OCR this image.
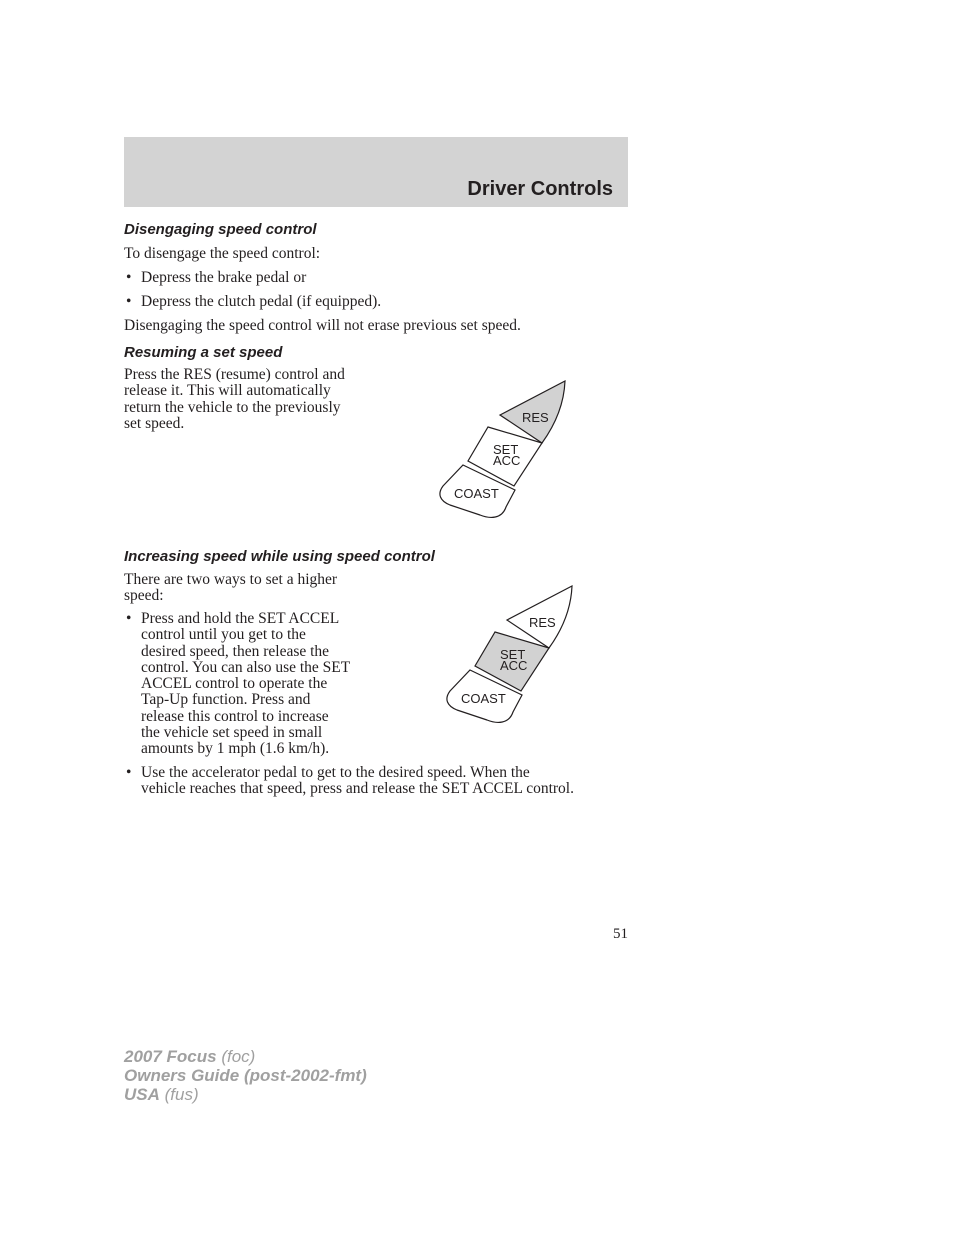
Driver Controls
Disengaging speed control

To disengage the speed control:

• Depress the brake pedal or
• Depress the clutch pedal (if equipped).

Disengaging the speed control will not erase previous set speed.

Resuming a set speed
Press the RES (resume) control and
release it. This will automatically
return the vehicle to the previously
set speed.	RES
SET
ACC
COAST
Increasing speed while using speed control
There are two ways to set a higher
speed:
• Press and hold the SET ACCEL
control until you get to the
desired speed, then release the
control. You can also use the SET
ACCEL control to operate the
Tap-Up function. Press and
release this control to increase
the vehicle set speed in small
amounts by 1 mph (1.6 km/h).
RES
SET
ACC
COAST
• Use the accelerator pedal to get to the desired speed. When the
vehicle reaches that speed, press and release the SET ACCEL control.
51
2007 Focus (foc)
Owners Guide (post-2002-fmt)
USA (fus)
